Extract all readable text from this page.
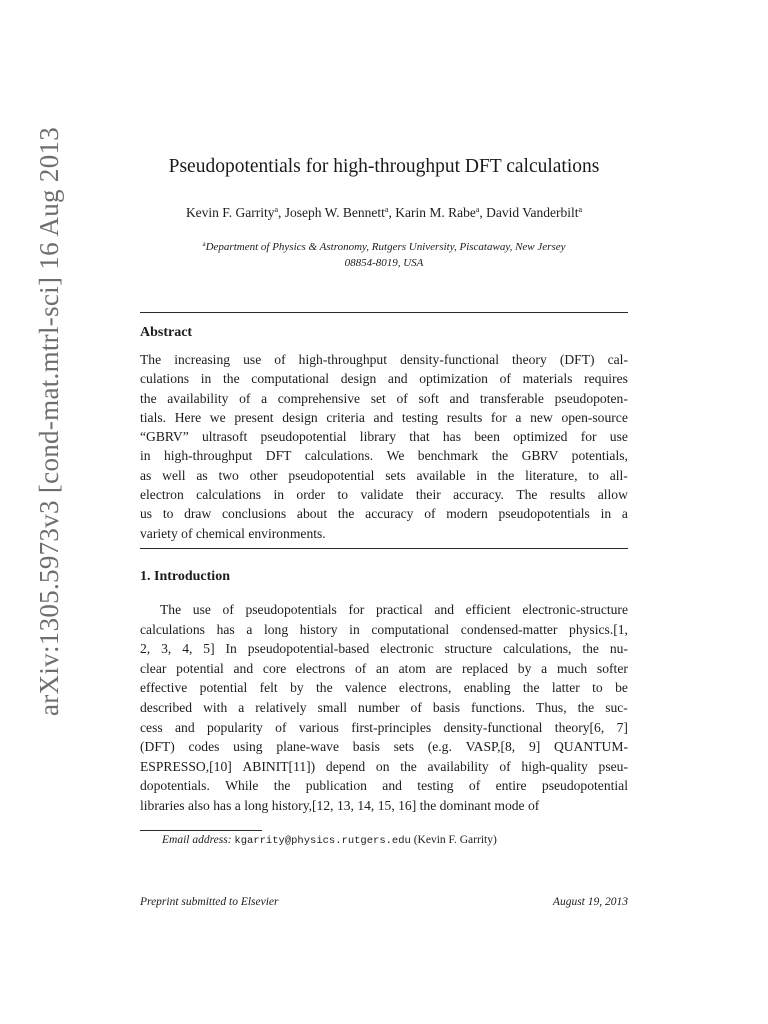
arXiv:1305.5973v3 [cond-mat.mtrl-sci] 16 Aug 2013	Pseudopotentials for high-throughput DFT calculations
Kevin F. Garrity$^a$, Joseph W. Bennett$^a$, Karin M. Rabe$^a$, David Vanderbilt$^a$
$^a$Department of Physics & Astronomy, Rutgers University, Piscataway, New Jersey
08854-8019, USA
Abstract
The increasing use of high-throughput density-functional theory (DFT) cal-
culations in the computational design and optimization of materials requires
the availability of a comprehensive set of soft and transferable pseudopoten-
tials. Here we present design criteria and testing results for a new open-source
“GBRV” ultrasoft pseudopotential library that has been optimized for use
in high-throughput DFT calculations. We benchmark the GBRV potentials,
as well as two other pseudopotential sets available in the literature, to all-
electron calculations in order to validate their accuracy. The results allow
us to draw conclusions about the accuracy of modern pseudopotentials in a
variety of chemical environments.
1. Introduction
The use of pseudopotentials for practical and efficient electronic-structure
calculations has a long history in computational condensed-matter physics.[1,
2, 3, 4, 5] In pseudopotential-based electronic structure calculations, the nu-
clear potential and core electrons of an atom are replaced by a much softer
effective potential felt by the valence electrons, enabling the latter to be
described with a relatively small number of basis functions. Thus, the suc-
cess and popularity of various first-principles density-functional theory[6, 7]
(DFT) codes using plane-wave basis sets (e.g. VASP,[8, 9] QUANTUM-
ESPRESSO,[10] ABINIT[11]) depend on the availability of high-quality pseu-
dopotentials. While the publication and testing of entire pseudopotential
libraries also has a long history,[12, 13, 14, 15, 16] the dominant mode of
Email address: kgarrity@physics.rutgers.edu (Kevin F. Garrity)
Preprint submitted to Elsevier	August 19, 2013
